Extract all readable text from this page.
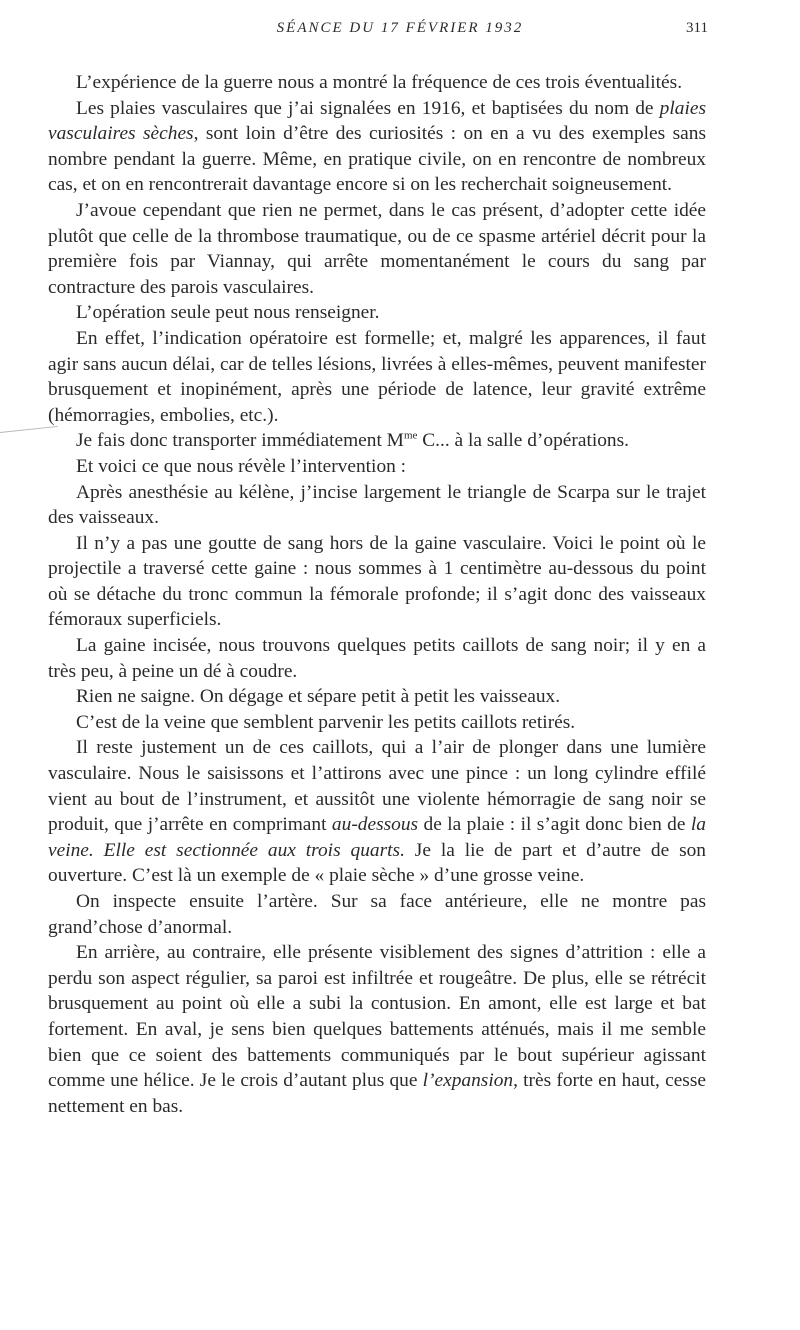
SÉANCE DU 17 FÉVRIER 1932	311

L’expérience de la guerre nous a montré la fréquence de ces trois éventualités.

Les plaies vasculaires que j’ai signalées en 1916, et baptisées du nom de plaies vasculaires sèches, sont loin d’être des curiosités : on en a vu des exemples sans nombre pendant la guerre. Même, en pratique civile, on en rencontre de nombreux cas, et on en rencontrerait davantage encore si on les recherchait soigneusement.

J’avoue cependant que rien ne permet, dans le cas présent, d’adopter cette idée plutôt que celle de la thrombose traumatique, ou de ce spasme artériel décrit pour la première fois par Viannay, qui arrête momentanément le cours du sang par contracture des parois vasculaires.

L’opération seule peut nous renseigner.

En effet, l’indication opératoire est formelle; et, malgré les apparences, il faut agir sans aucun délai, car de telles lésions, livrées à elles-mêmes, peuvent manifester brusquement et inopinément, après une période de latence, leur gravité extrême (hémorragies, embolies, etc.).

Je fais donc transporter immédiatement $M^{me}$ C... à la salle d’opérations.

Et voici ce que nous révèle l’intervention :

Après anesthésie au kélène, j’incise largement le triangle de Scarpa sur le trajet des vaisseaux.

Il n’y a pas une goutte de sang hors de la gaine vasculaire. Voici le point où le projectile a traversé cette gaine : nous sommes à 1 centimètre au-dessous du point où se détache du tronc commun la fémorale profonde; il s’agit donc des vaisseaux fémoraux superficiels.

La gaine incisée, nous trouvons quelques petits caillots de sang noir; il y en a très peu, à peine un dé à coudre.

Rien ne saigne. On dégage et sépare petit à petit les vaisseaux.

C’est de la veine que semblent parvenir les petits caillots retirés.

Il reste justement un de ces caillots, qui a l’air de plonger dans une lumière vasculaire. Nous le saisissons et l’attirons avec une pince : un long cylindre effilé vient au bout de l’instrument, et aussitôt une violente hémorragie de sang noir se produit, que j’arrête en comprimant au-dessous de la plaie : il s’agit donc bien de la veine. Elle est sectionnée aux trois quarts. Je la lie de part et d’autre de son ouverture. C’est là un exemple de « plaie sèche » d’une grosse veine.

On inspecte ensuite l’artère. Sur sa face antérieure, elle ne montre pas grand’chose d’anormal.

En arrière, au contraire, elle présente visiblement des signes d’attrition : elle a perdu son aspect régulier, sa paroi est infiltrée et rougeâtre. De plus, elle se rétrécit brusquement au point où elle a subi la contusion. En amont, elle est large et bat fortement. En aval, je sens bien quelques battements atténués, mais il me semble bien que ce soient des battements communiqués par le bout supérieur agissant comme une hélice. Je le crois d’autant plus que l’expansion, très forte en haut, cesse nettement en bas.
